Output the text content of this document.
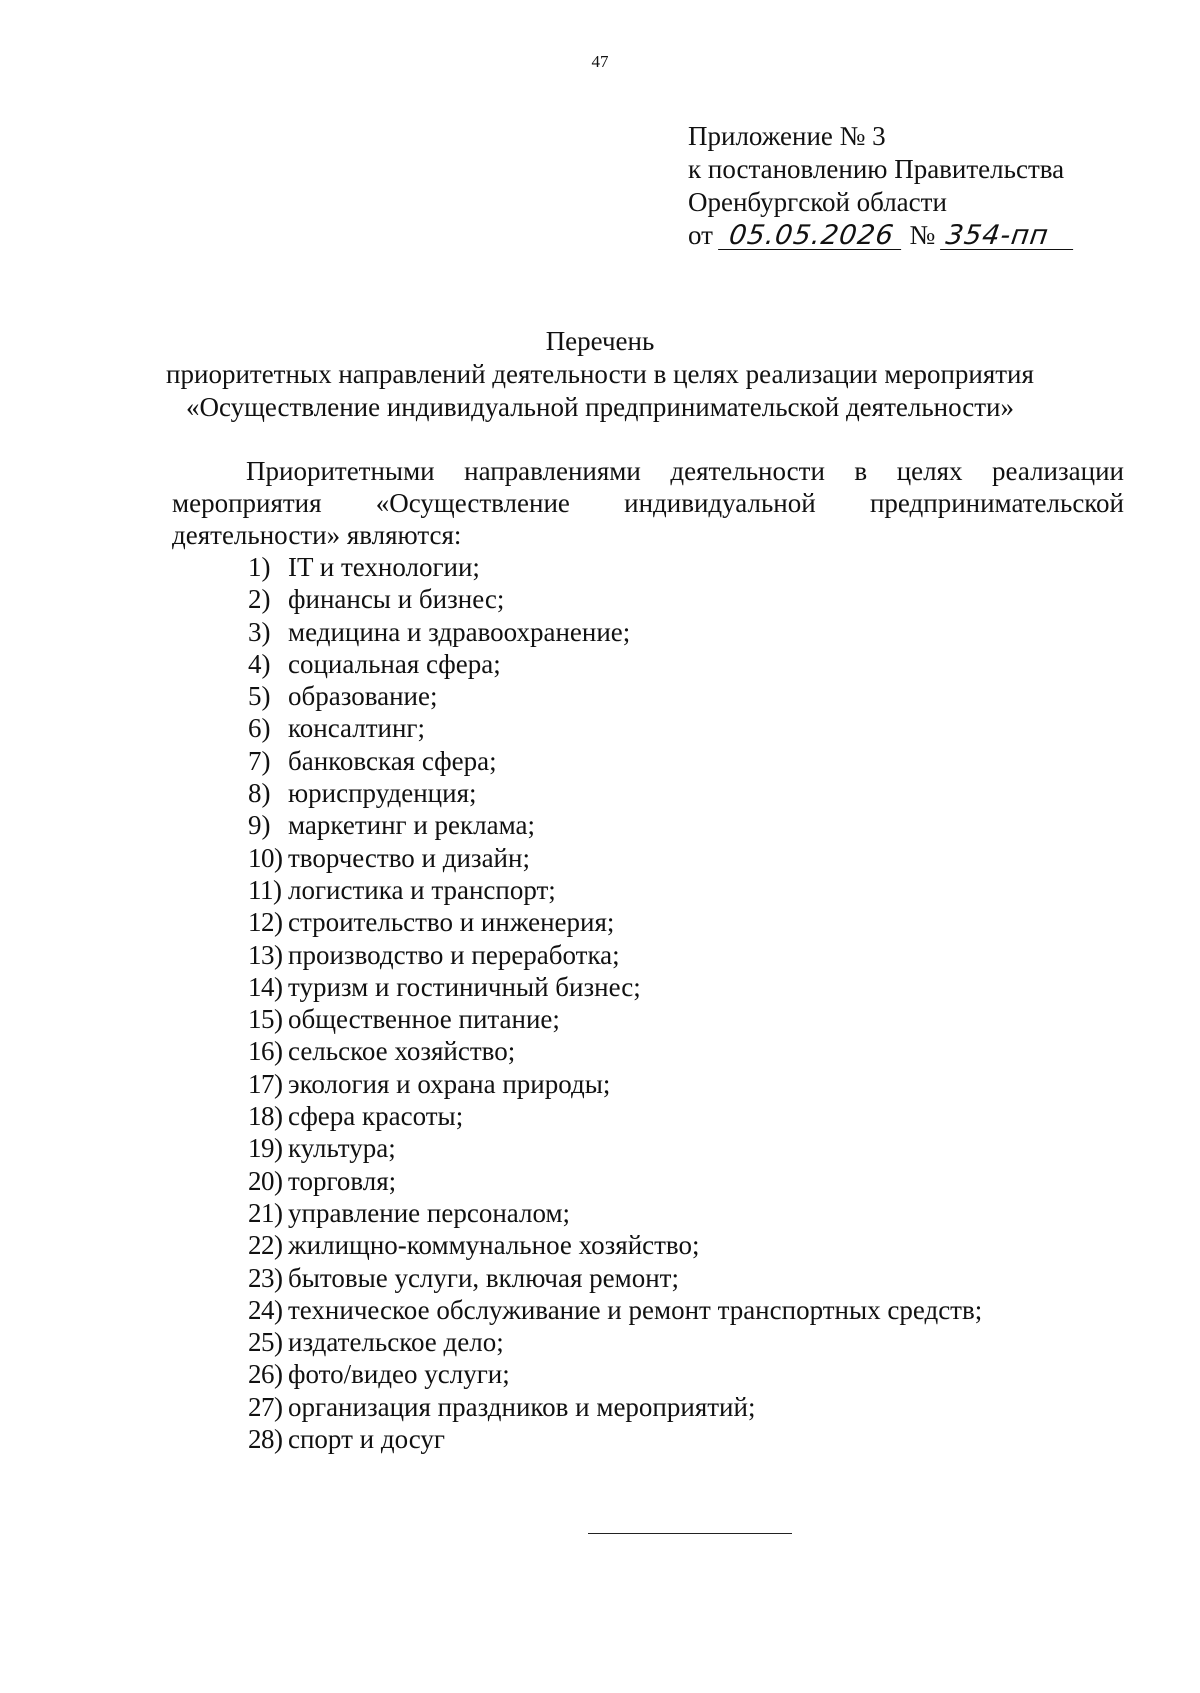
47
Приложение № 3
к постановлению Правительства
Оренбургской области
от 05.05.2026 № 354-пп
Перечень
приоритетных направлений деятельности в целях реализации мероприятия
«Осуществление индивидуальной предпринимательской деятельности»
Приоритетными направлениями деятельности в целях реализации
мероприятия «Осуществление индивидуальной предпринимательской
деятельности» являются:
1) IT и технологии;
2) финансы и бизнес;
3) медицина и здравоохранение;
4) социальная сфера;
5) образование;
6) консалтинг;
7) банковская сфера;
8) юриспруденция;
9) маркетинг и реклама;
10) творчество и дизайн;
11) логистика и транспорт;
12) строительство и инженерия;
13) производство и переработка;
14) туризм и гостиничный бизнес;
15) общественное питание;
16) сельское хозяйство;
17) экология и охрана природы;
18) сфера красоты;
19) культура;
20) торговля;
21) управление персоналом;
22) жилищно-коммунальное хозяйство;
23) бытовые услуги, включая ремонт;
24) техническое обслуживание и ремонт транспортных средств;
25) издательское дело;
26) фото/видео услуги;
27) организация праздников и мероприятий;
28) спорт и досуг
